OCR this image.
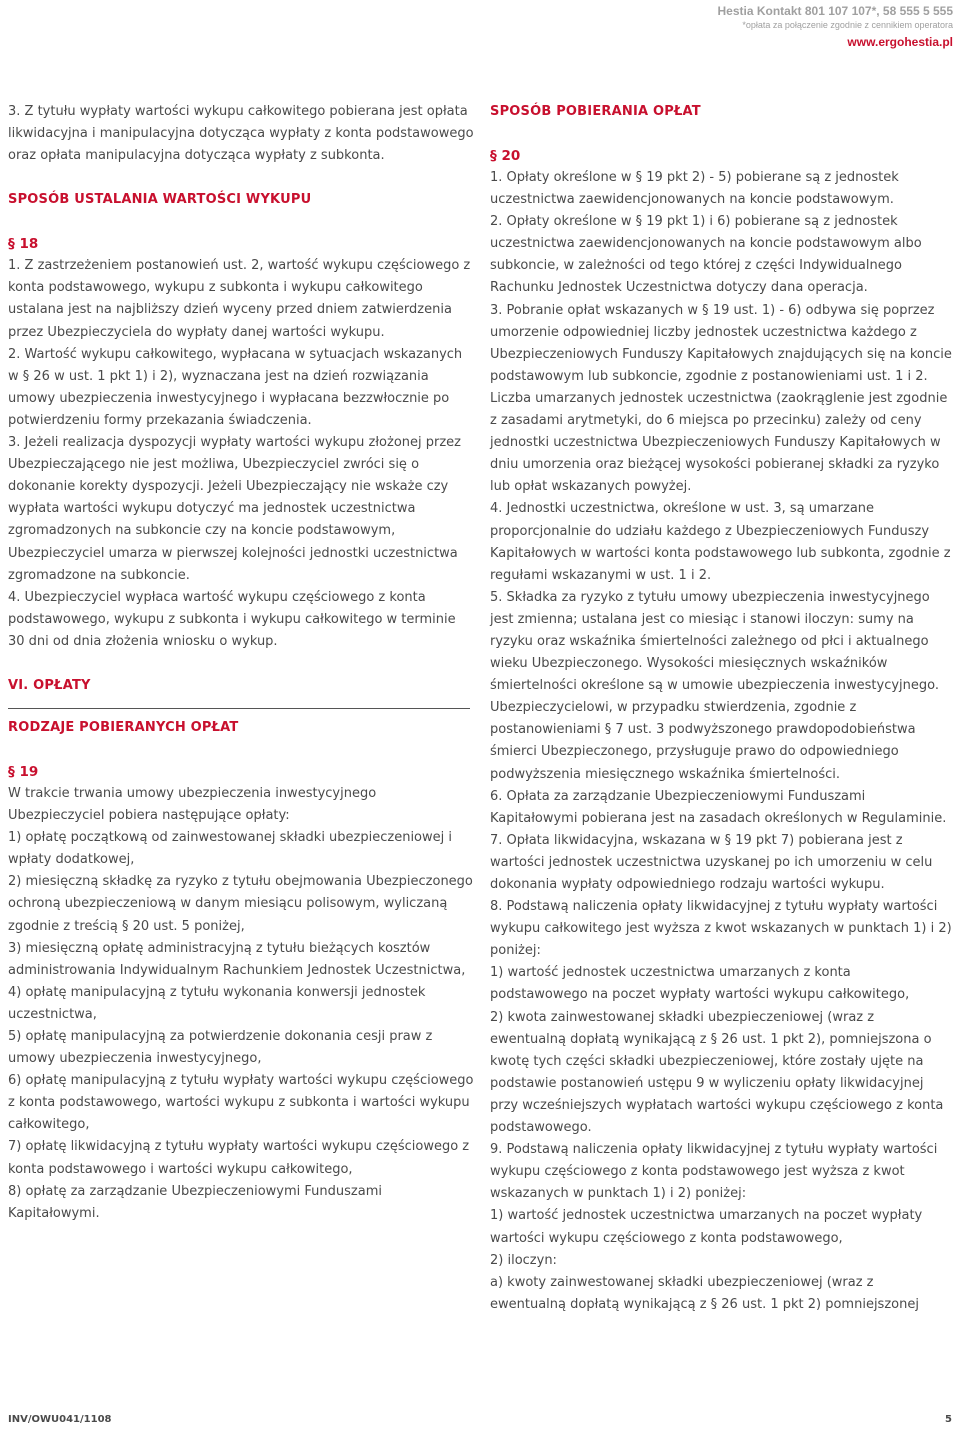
Hestia Kontakt 801 107 107*, 58 555 5 555
*opłata za połączenie zgodnie z cennikiem operatora
www.ergohestia.pl

3. Z tytułu wypłaty wartości wykupu całkowitego pobierana jest opłata likwidacyjna i manipulacyjna dotycząca wypłaty z konta podstawowego oraz opłata manipulacyjna dotycząca wypłaty z subkonta.

SPOSÓB USTALANIA WARTOŚCI WYKUPU

§ 18

1. Z zastrzeżeniem postanowień ust. 2, wartość wykupu częściowego z konta podstawowego, wykupu z subkonta i wykupu całkowitego ustalana jest na najbliższy dzień wyceny przed dniem zatwierdzenia przez Ubezpieczyciela do wypłaty danej wartości wykupu.

2. Wartość wykupu całkowitego, wypłacana w sytuacjach wskazanych w § 26 w ust. 1 pkt 1) i 2), wyznaczana jest na dzień rozwiązania umowy ubezpieczenia inwestycyjnego i wypłacana bezzwłocznie po potwierdzeniu formy przekazania świadczenia.

3. Jeżeli realizacja dyspozycji wypłaty wartości wykupu złożonej przez Ubezpieczającego nie jest możliwa, Ubezpieczyciel zwróci się o dokonanie korekty dyspozycji. Jeżeli Ubezpieczający nie wskaże czy wypłata wartości wykupu dotyczyć ma jednostek uczestnictwa zgromadzonych na subkoncie czy na koncie podstawowym, Ubezpieczyciel umarza w pierwszej kolejności jednostki uczestnictwa zgromadzone na subkoncie.

4. Ubezpieczyciel wypłaca wartość wykupu częściowego z konta podstawowego, wykupu z subkonta i wykupu całkowitego w terminie 30 dni od dnia złożenia wniosku o wykup.

VI. OPŁATY

RODZAJE POBIERANYCH OPŁAT

§ 19

W trakcie trwania umowy ubezpieczenia inwestycyjnego Ubezpieczyciel pobiera następujące opłaty:

1) opłatę początkową od zainwestowanej składki ubezpieczeniowej i wpłaty dodatkowej,

2) miesięczną składkę za ryzyko z tytułu obejmowania Ubezpieczonego ochroną ubezpieczeniową w danym miesiącu polisowym, wyliczaną zgodnie z treścią § 20 ust. 5 poniżej,

3) miesięczną opłatę administracyjną z tytułu bieżących kosztów administrowania Indywidualnym Rachunkiem Jednostek Uczestnictwa,

4) opłatę manipulacyjną z tytułu wykonania konwersji jednostek uczestnictwa,

5) opłatę manipulacyjną za potwierdzenie dokonania cesji praw z umowy ubezpieczenia inwestycyjnego,

6) opłatę manipulacyjną z tytułu wypłaty wartości wykupu częściowego z konta podstawowego, wartości wykupu z subkonta i wartości wykupu całkowitego,

7) opłatę likwidacyjną z tytułu wypłaty wartości wykupu częściowego z konta podstawowego i wartości wykupu całkowitego,

8) opłatę za zarządzanie Ubezpieczeniowymi Funduszami Kapitałowymi.

SPOSÓB POBIERANIA OPŁAT

§ 20

1. Opłaty określone w § 19 pkt 2) - 5) pobierane są z jednostek uczestnictwa zaewidencjonowanych na koncie podstawowym.

2. Opłaty określone w § 19 pkt 1) i 6) pobierane są z jednostek uczestnictwa zaewidencjonowanych na koncie podstawowym albo subkoncie, w zależności od tego której z części Indywidualnego Rachunku Jednostek Uczestnictwa dotyczy dana operacja.

3. Pobranie opłat wskazanych w § 19 ust. 1) - 6) odbywa się poprzez umorzenie odpowiedniej liczby jednostek uczestnictwa każdego z Ubezpieczeniowych Funduszy Kapitałowych znajdujących się na koncie podstawowym lub subkoncie, zgodnie z postanowieniami ust. 1 i 2. Liczba umarzanych jednostek uczestnictwa (zaokrąglenie jest zgodnie z zasadami arytmetyki, do 6 miejsca po przecinku) zależy od ceny jednostki uczestnictwa Ubezpieczeniowych Funduszy Kapitałowych w dniu umorzenia oraz bieżącej wysokości pobieranej składki za ryzyko lub opłat wskazanych powyżej.

4. Jednostki uczestnictwa, określone w ust. 3, są umarzane proporcjonalnie do udziału każdego z Ubezpieczeniowych Funduszy Kapitałowych w wartości konta podstawowego lub subkonta, zgodnie z regułami wskazanymi w ust. 1 i 2.

5. Składka za ryzyko z tytułu umowy ubezpieczenia inwestycyjnego jest zmienna; ustalana jest co miesiąc i stanowi iloczyn: sumy na ryzyku oraz wskaźnika śmiertelności zależnego od płci i aktualnego wieku Ubezpieczonego. Wysokości miesięcznych wskaźników śmiertelności określone są w umowie ubezpieczenia inwestycyjnego. Ubezpieczycielowi, w przypadku stwierdzenia, zgodnie z postanowieniami § 7 ust. 3 podwyższonego prawdopodobieństwa śmierci Ubezpieczonego, przysługuje prawo do odpowiedniego podwyższenia miesięcznego wskaźnika śmiertelności.

6. Opłata za zarządzanie Ubezpieczeniowymi Funduszami Kapitałowymi pobierana jest na zasadach określonych w Regulaminie.

7. Opłata likwidacyjna, wskazana w § 19 pkt 7) pobierana jest z wartości jednostek uczestnictwa uzyskanej po ich umorzeniu w celu dokonania wypłaty odpowiedniego rodzaju wartości wykupu.

8. Podstawą naliczenia opłaty likwidacyjnej z tytułu wypłaty wartości wykupu całkowitego jest wyższa z kwot wskazanych w punktach 1) i 2) poniżej:

1) wartość jednostek uczestnictwa umarzanych z konta podstawowego na poczet wypłaty wartości wykupu całkowitego,

2) kwota zainwestowanej składki ubezpieczeniowej (wraz z ewentualną dopłatą wynikającą z § 26 ust. 1 pkt 2), pomniejszona o kwotę tych części składki ubezpieczeniowej, które zostały ujęte na podstawie postanowień ustępu 9 w wyliczeniu opłaty likwidacyjnej przy wcześniejszych wypłatach wartości wykupu częściowego z konta podstawowego.

9. Podstawą naliczenia opłaty likwidacyjnej z tytułu wypłaty wartości wykupu częściowego z konta podstawowego jest wyższa z kwot wskazanych w punktach 1) i 2) poniżej:

1) wartość jednostek uczestnictwa umarzanych na poczet wypłaty wartości wykupu częściowego z konta podstawowego,

2) iloczyn:

a) kwoty zainwestowanej składki ubezpieczeniowej (wraz z ewentualną dopłatą wynikającą z § 26 ust. 1 pkt 2) pomniejszonej

INV/OWU041/1108	5
